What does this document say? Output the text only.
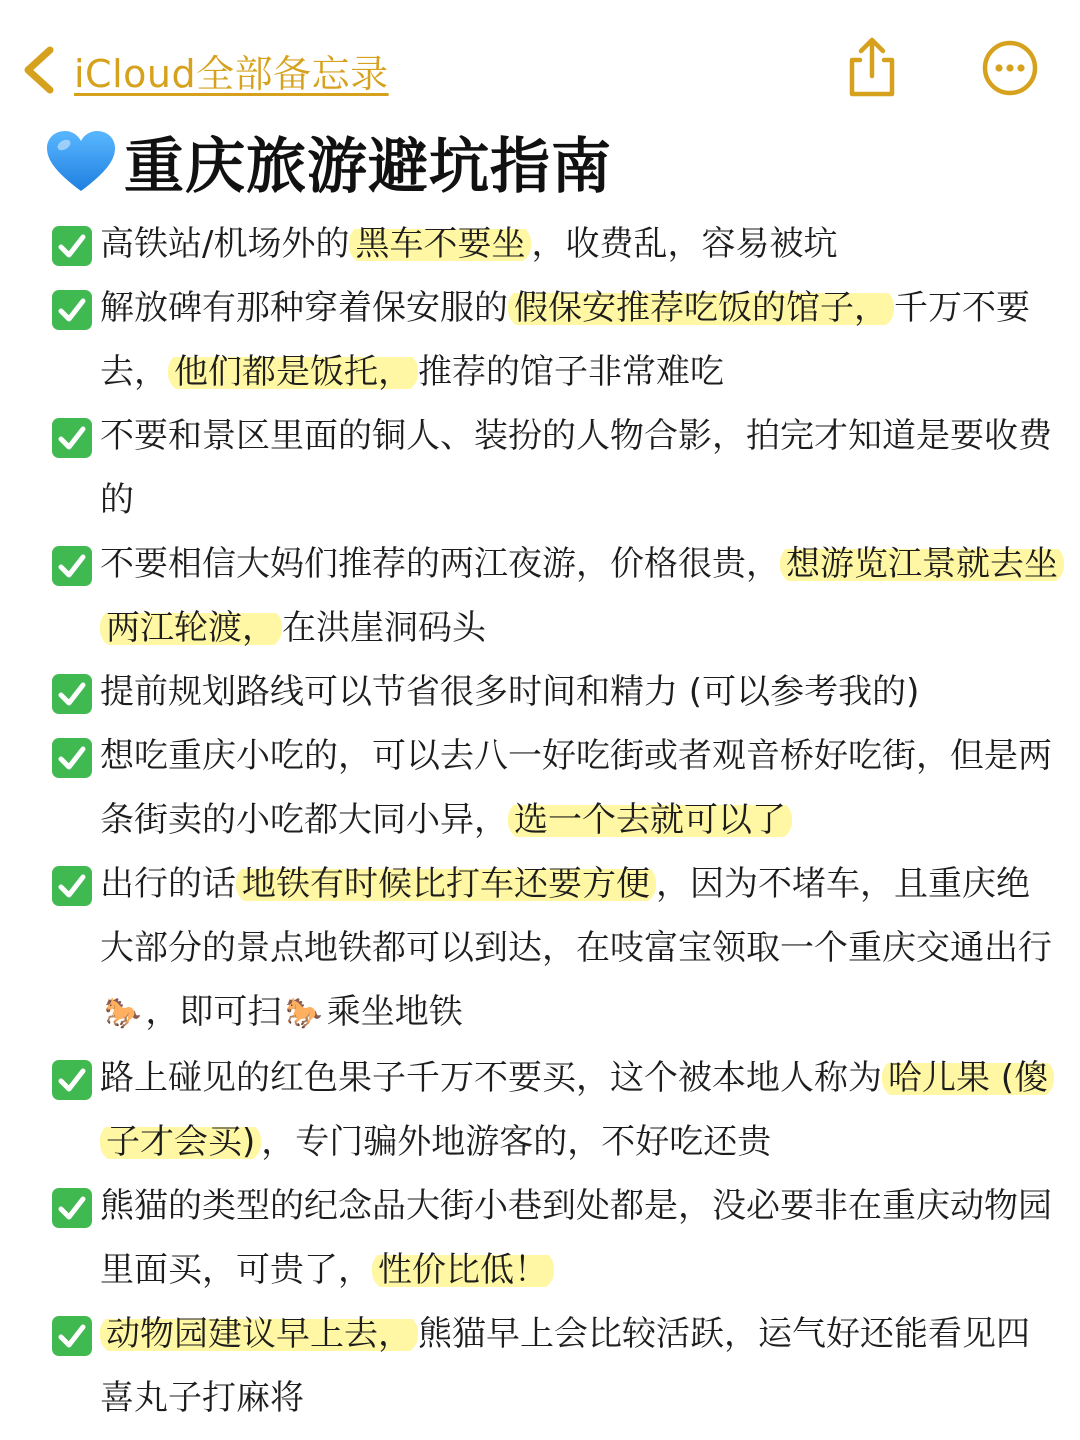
iCloud全部备忘录
重庆旅游避坑指南
高铁站/机场外的 黑车不要坐 ，收费乱，容易被坑
解放碑有那种穿着保安服的 假保安推荐吃饭的馆子， 千万不要去， 他们都是饭托， 推荐的馆子非常难吃
不要和景区里面的铜人、装扮的人物合影，拍完才知道是要收费的
不要相信大妈们推荐的两江夜游，价格很贵， 想游览江景就去坐两江轮渡， 在洪崖洞码头
提前规划路线可以节省很多时间和精力 (可以参考我的)
想吃重庆小吃的，可以去八一好吃街或者观音桥好吃街，但是两条街卖的小吃都大同小异， 选一个去就可以了
出行的话 地铁有时候比打车还要方便 ，因为不堵车，且重庆绝大部分的景点地铁都可以到达，在吱富宝领取一个重庆交通出行🐎 ，即可扫 🐎 乘坐地铁
路上碰见的红色果子千万不要买，这个被本地人称为 哈儿果 (傻子才会买) ，专门骗外地游客的，不好吃还贵
熊猫的类型的纪念品大街小巷到处都是，没必要非在重庆动物园里面买，可贵了， 性价比低！
动物园建议早上去， 熊猫早上会比较活跃，运气好还能看见四喜丸子打麻将
